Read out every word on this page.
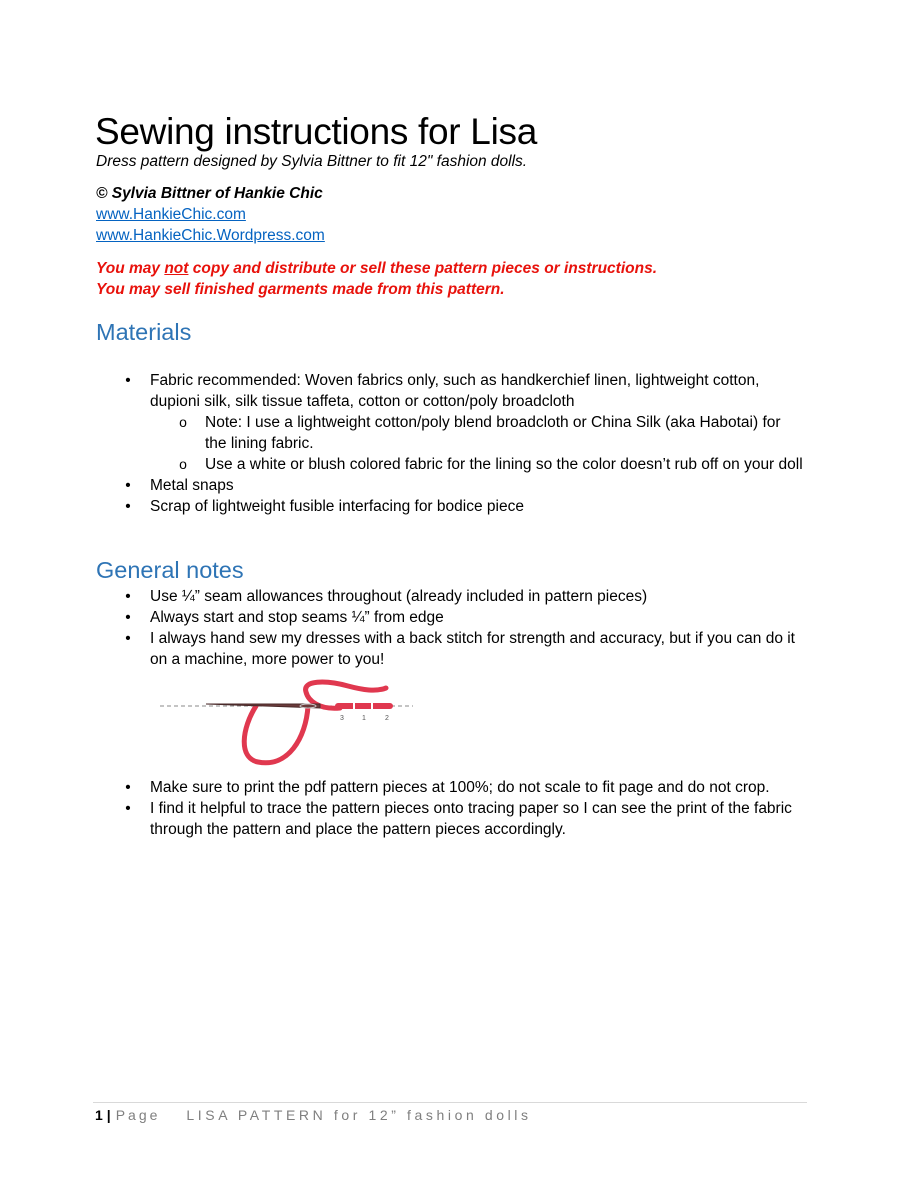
Sewing instructions for Lisa

Dress pattern designed by Sylvia Bittner to fit 12" fashion dolls.

© Sylvia Bittner of Hankie Chic

www.HankieChic.com
www.HankieChic.Wordpress.com

You may not copy and distribute or sell these pattern pieces or instructions.

You may sell finished garments made from this pattern.

Materials
• Fabric recommended: Woven fabrics only, such as handkerchief linen, lightweight cotton, dupioni silk, silk tissue taffeta, cotton or cotton/poly broadcloth
o Note: I use a lightweight cotton/poly blend broadcloth or China Silk (aka Habotai) for the lining fabric.
o Use a white or blush colored fabric for the lining so the color doesn’t rub off on your doll
• Metal snaps
• Scrap of lightweight fusible interfacing for bodice piece
General notes
• Use ¼” seam allowances throughout (already included in pattern pieces)
• Always start and stop seams ¼” from edge
• I always hand sew my dresses with a back stitch for strength and accuracy, but if you can do it on a machine, more power to you!
3	1	2
• Make sure to print the pdf pattern pieces at 100%; do not scale to fit page and do not crop.
• I find it helpful to trace the pattern pieces onto tracing paper so I can see the print of the fabric through the pattern and place the pattern pieces accordingly.

1 | Page LISA PATTERN for 12” fashion dolls
